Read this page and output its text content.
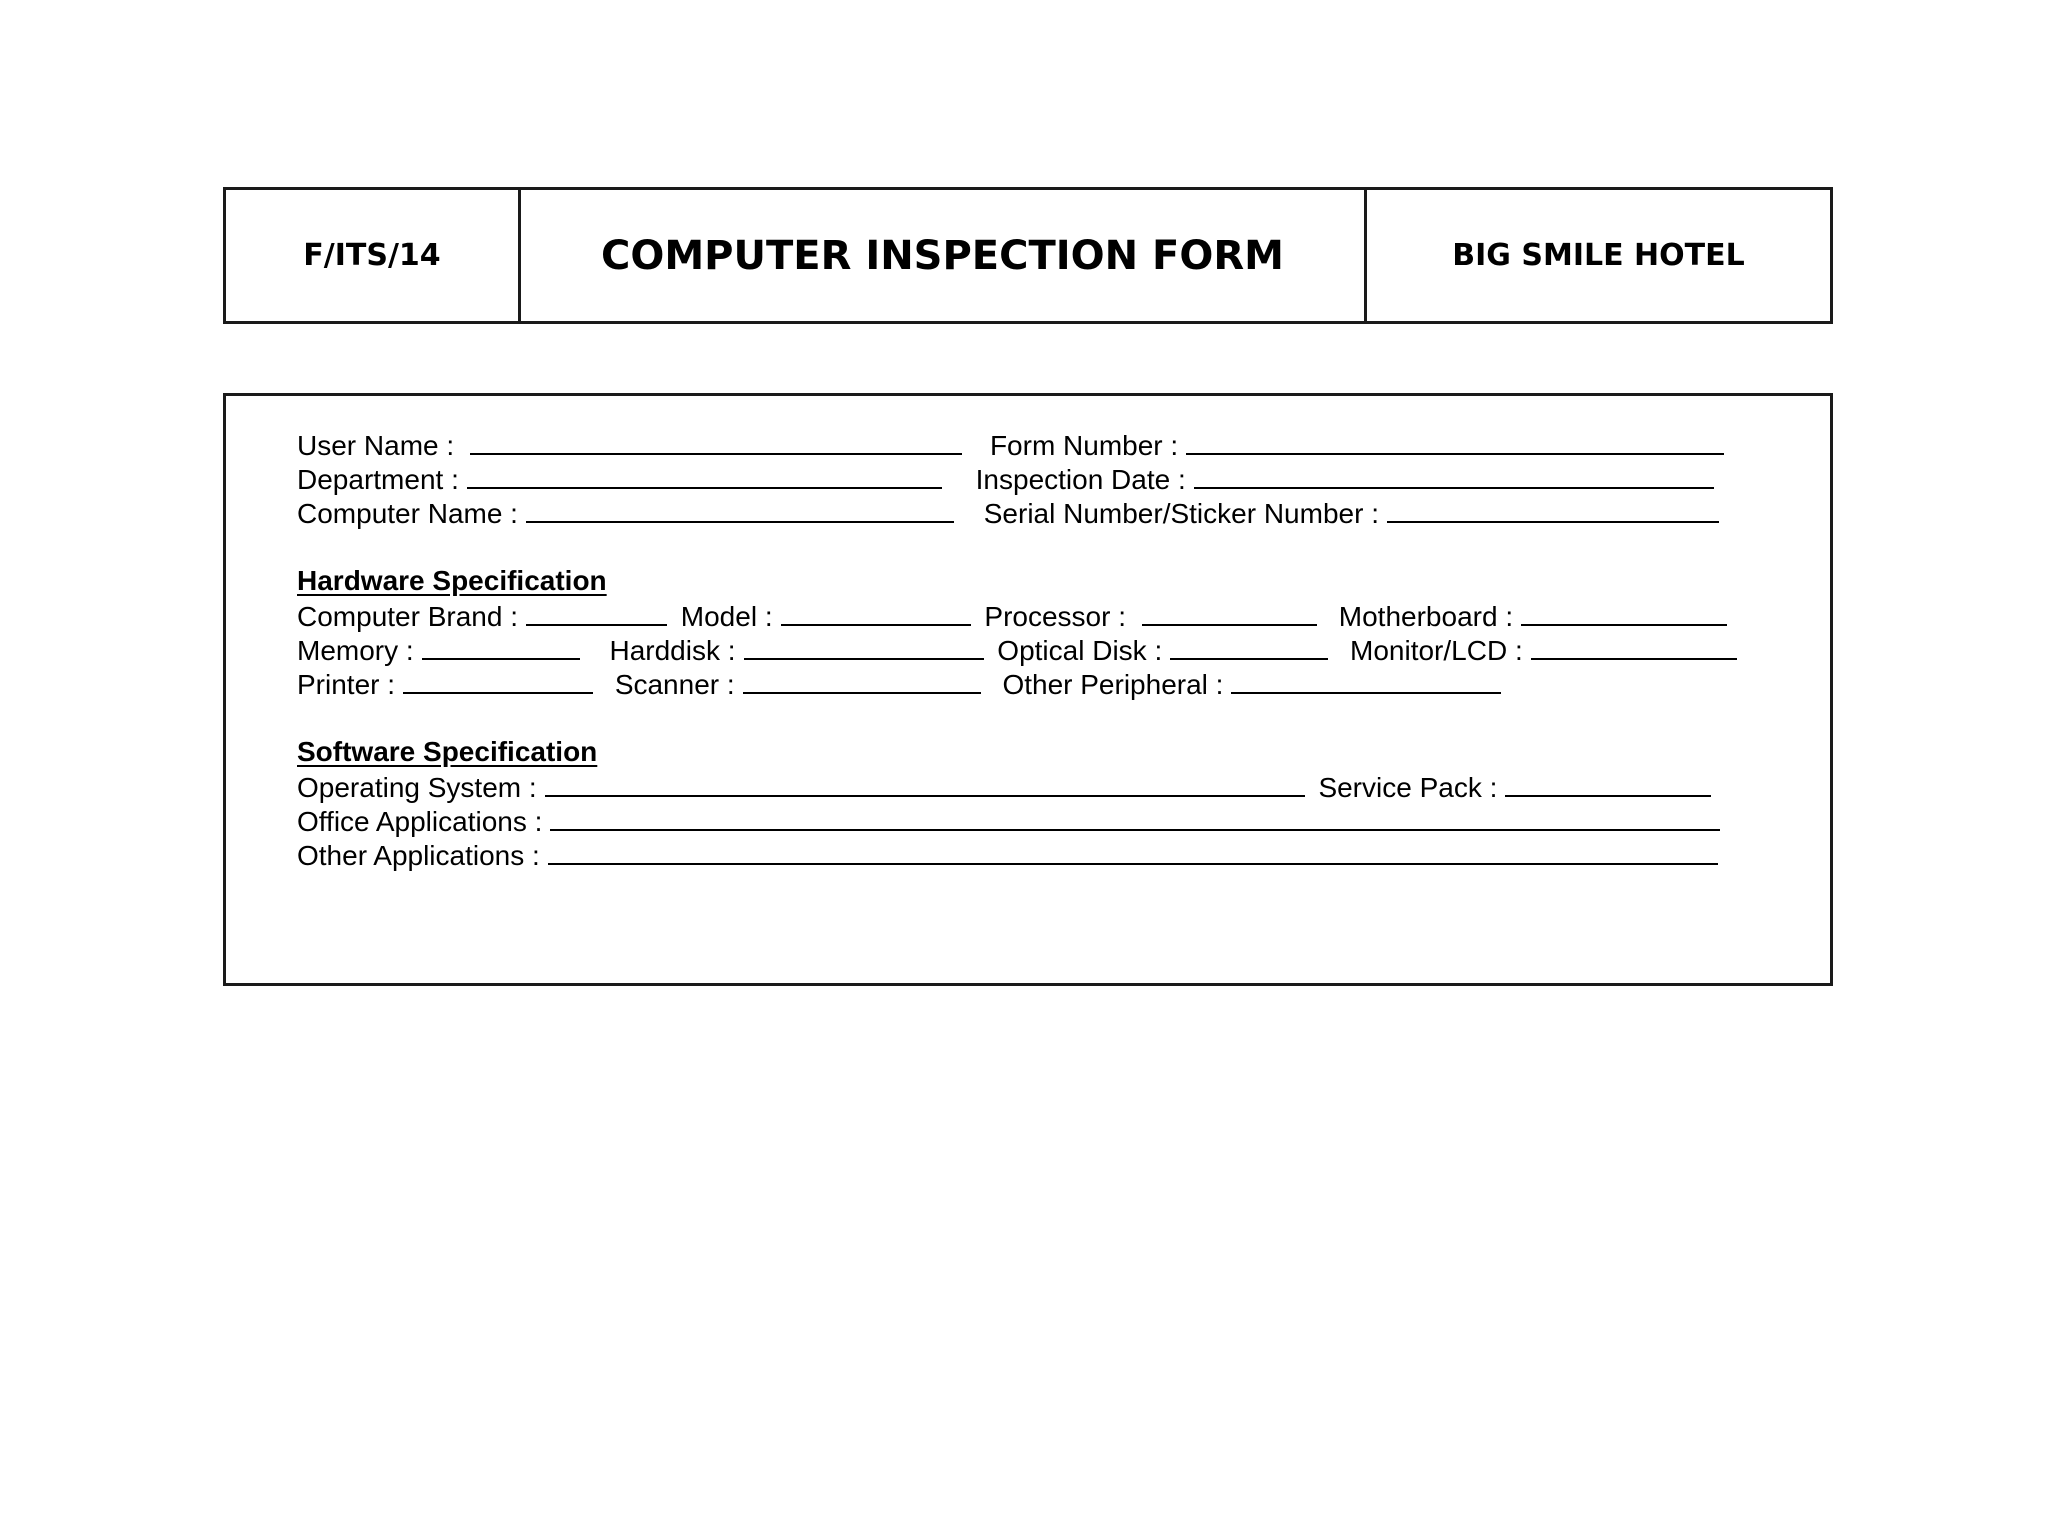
F/ITS/14	COMPUTER INSPECTION FORM	BIG SMILE HOTEL
User Name :	Form Number :
Department :	Inspection Date :
Computer Name :	Serial Number/Sticker Number :
Hardware Specification
Computer Brand :	Model :	Processor :	Motherboard :
Memory :	Harddisk :	Optical Disk :	Monitor/LCD :
Printer :	Scanner :	Other Peripheral :
Software Specification
Operating System :	Service Pack :
Office Applications :
Other Applications :
